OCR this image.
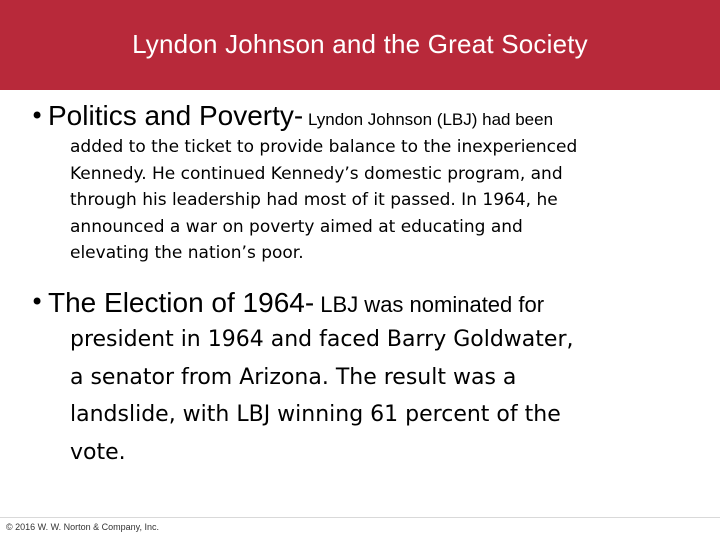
Lyndon Johnson and the Great Society
• Politics and Poverty- Lyndon Johnson (LBJ) had been
added to the ticket to provide balance to the inexperienced
Kennedy. He continued Kennedy’s domestic program, and
through his leadership had most of it passed. In 1964, he
announced a war on poverty aimed at educating and
elevating the nation’s poor.
• The Election of 1964- LBJ was nominated for
president in 1964 and faced Barry Goldwater,
a senator from Arizona. The result was a
landslide, with LBJ winning 61 percent of the
vote.
© 2016 W. W. Norton & Company, Inc.
